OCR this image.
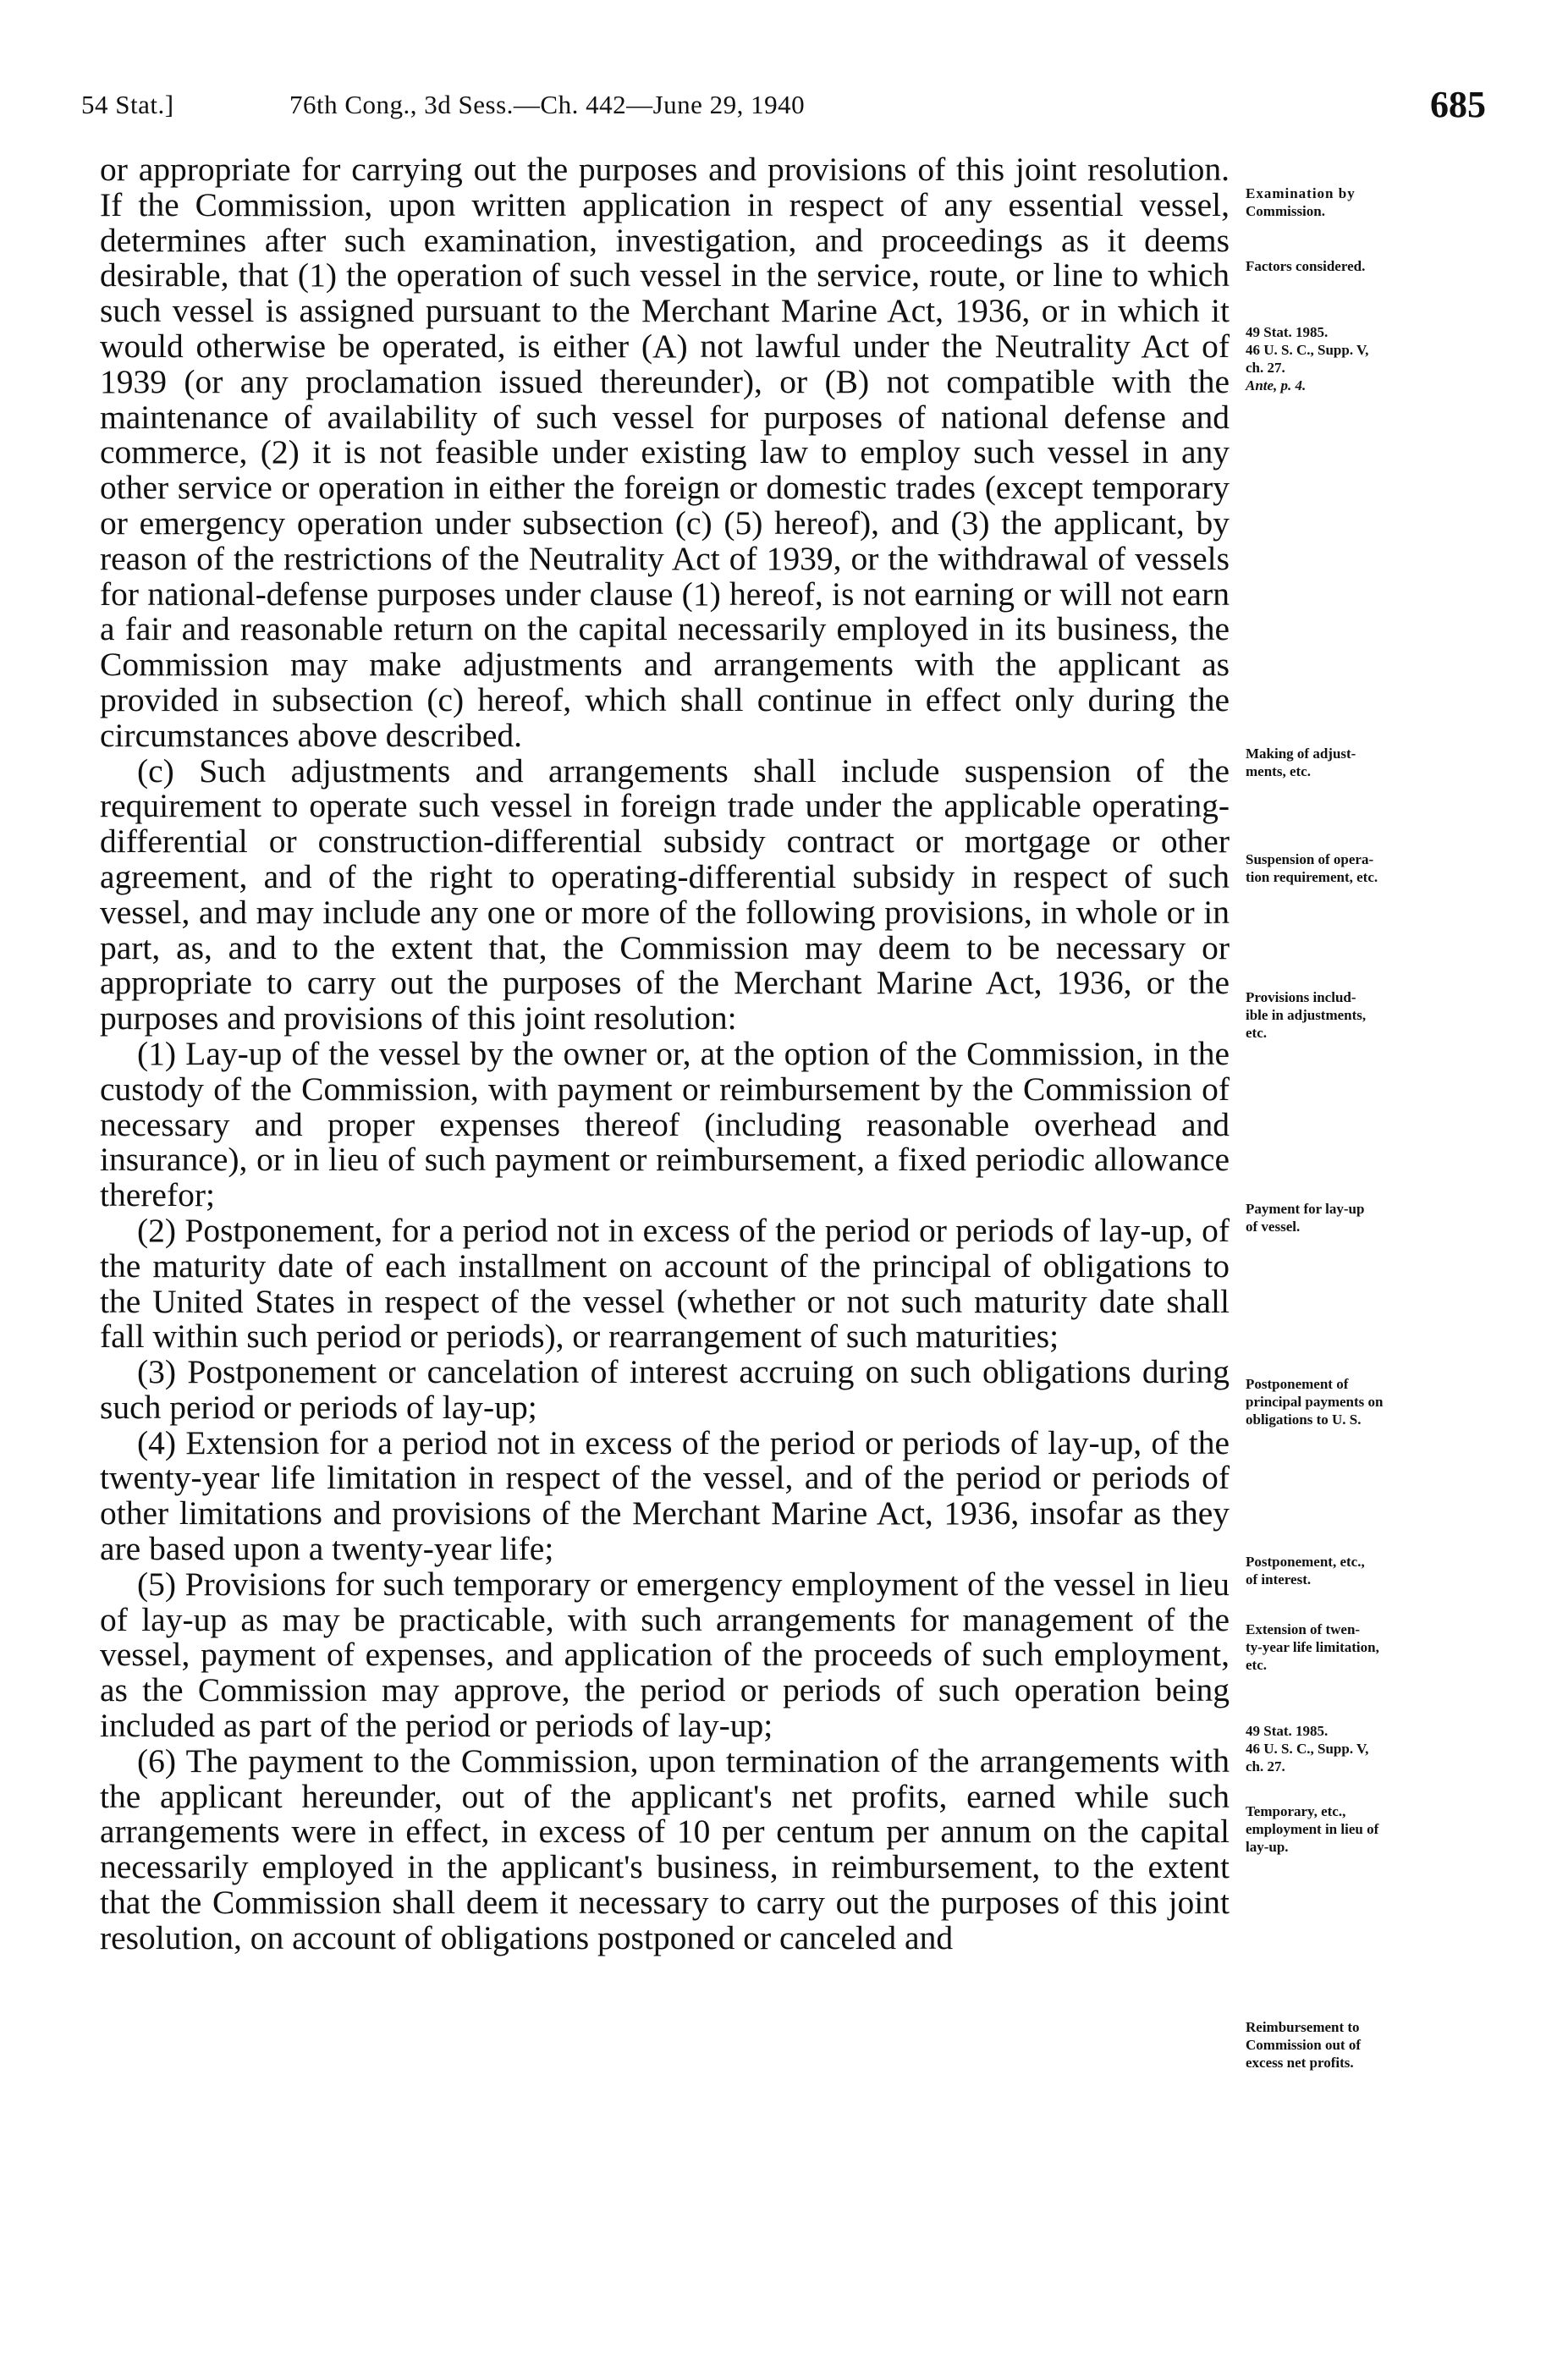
54 Stat.]	76th Cong., 3d Sess.—Ch. 442—June 29, 1940	685

or appropriate for carrying out the purposes and provisions of this joint resolution. If the Commission, upon written application in respect of any essential vessel, determines after such examination, investigation, and proceedings as it deems desirable, that (1) the operation of such vessel in the service, route, or line to which such vessel is assigned pursuant to the Merchant Marine Act, 1936, or in which it would otherwise be operated, is either (A) not lawful under the Neutrality Act of 1939 (or any proclamation issued thereunder), or (B) not compatible with the maintenance of availability of such vessel for purposes of national defense and commerce, (2) it is not feasible under existing law to employ such vessel in any other service or operation in either the foreign or domestic trades (except temporary or emergency operation under subsection (c) (5) hereof), and (3) the applicant, by reason of the restrictions of the Neutrality Act of 1939, or the withdrawal of vessels for national-defense purposes under clause (1) hereof, is not earning or will not earn a fair and reasonable return on the capital necessarily employed in its business, the Commission may make adjustments and arrangements with the applicant as provided in subsection (c) hereof, which shall continue in effect only during the circumstances above described.

(c) Such adjustments and arrangements shall include suspension of the requirement to operate such vessel in foreign trade under the applicable operating-differential or construction-differential subsidy contract or mortgage or other agreement, and of the right to operating-differential subsidy in respect of such vessel, and may include any one or more of the following provisions, in whole or in part, as, and to the extent that, the Commission may deem to be necessary or appropriate to carry out the purposes of the Merchant Marine Act, 1936, or the purposes and provisions of this joint resolution:

(1) Lay-up of the vessel by the owner or, at the option of the Commission, in the custody of the Commission, with payment or reimbursement by the Commission of necessary and proper expenses thereof (including reasonable overhead and insurance), or in lieu of such payment or reimbursement, a fixed periodic allowance therefor;

(2) Postponement, for a period not in excess of the period or periods of lay-up, of the maturity date of each installment on account of the principal of obligations to the United States in respect of the vessel (whether or not such maturity date shall fall within such period or periods), or rearrangement of such maturities;

(3) Postponement or cancelation of interest accruing on such obligations during such period or periods of lay-up;

(4) Extension for a period not in excess of the period or periods of lay-up, of the twenty-year life limitation in respect of the vessel, and of the period or periods of other limitations and provisions of the Merchant Marine Act, 1936, insofar as they are based upon a twenty-year life;

(5) Provisions for such temporary or emergency employment of the vessel in lieu of lay-up as may be practicable, with such arrangements for management of the vessel, payment of expenses, and application of the proceeds of such employment, as the Commission may approve, the period or periods of such operation being included as part of the period or periods of lay-up;

(6) The payment to the Commission, upon termination of the arrangements with the applicant hereunder, out of the applicant's net profits, earned while such arrangements were in effect, in excess of 10 per centum per annum on the capital necessarily employed in the applicant's business, in reimbursement, to the extent that the Commission shall deem it necessary to carry out the purposes of this joint resolution, on account of obligations postponed or canceled and

Examination by
Commission.
Factors considered.
49 Stat. 1985.
46 U. S. C., Supp. V,
ch. 27.
Ante, p. 4.
Making of adjust-
ments, etc.
Suspension of opera-
tion requirement, etc.
Provisions includ-
ible in adjustments,
etc.
Payment for lay-up
of vessel.
Postponement of
principal payments on
obligations to U. S.
Postponement, etc.,
of interest.
Extension of twen-
ty-year life limitation,
etc.
49 Stat. 1985.
46 U. S. C., Supp. V,
ch. 27.
Temporary, etc.,
employment in lieu of
lay-up.
Reimbursement to
Commission out of
excess net profits.
